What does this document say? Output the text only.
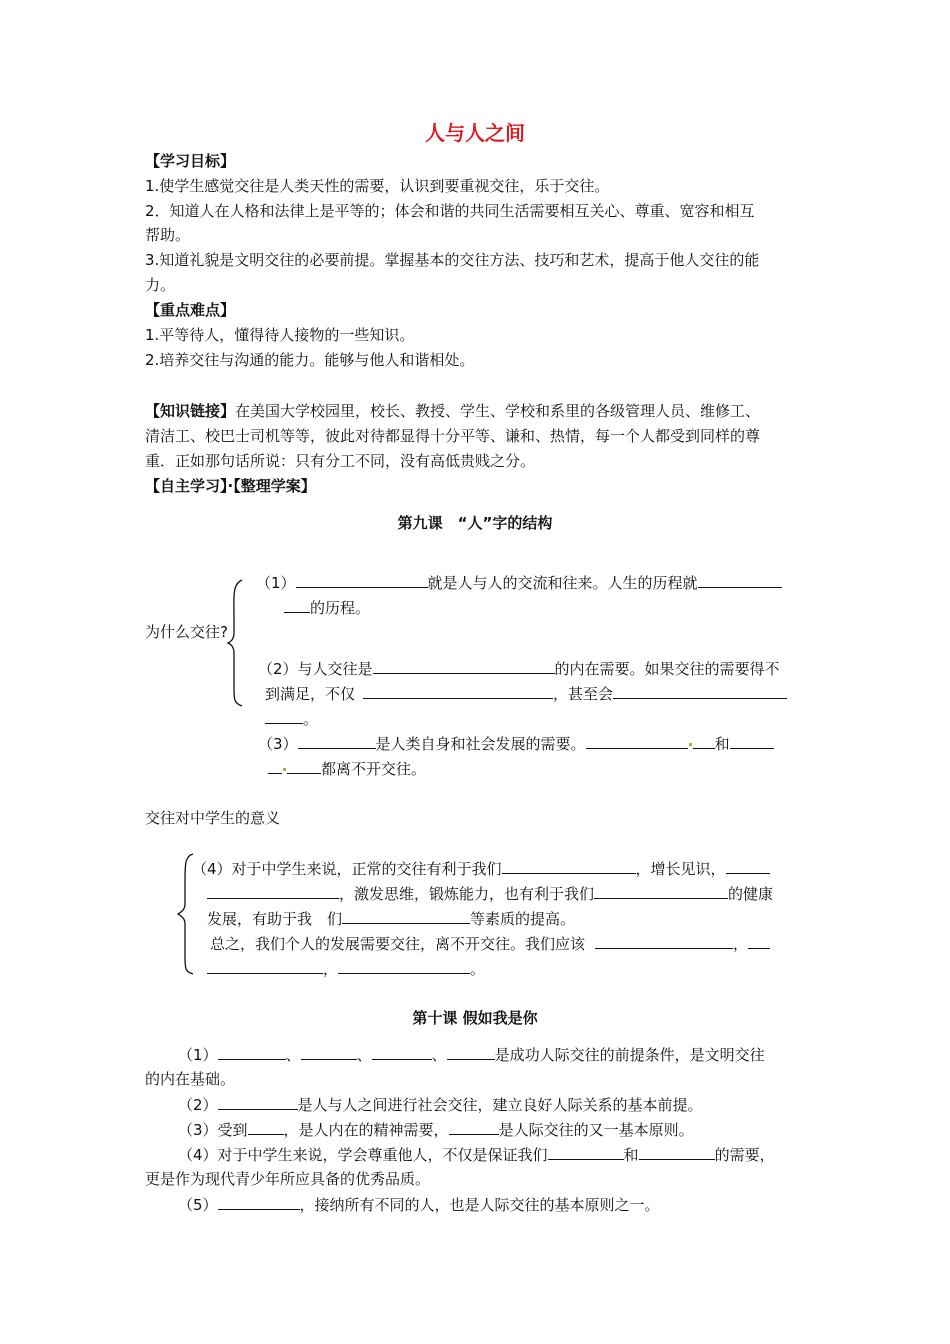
人与人之间
【学习目标】
1.使学生感觉交往是人类天性的需要，认识到要重视交往，乐于交往。
2．知道人在人格和法律上是平等的；体会和谐的共同生活需要相互关心、尊重、宽容和相互
帮助。
3.知道礼貌是文明交往的必要前提。掌握基本的交往方法、技巧和艺术，提高于他人交往的能
力。
【重点难点】
1.平等待人，懂得待人接物的一些知识。
2.培养交往与沟通的能力。能够与他人和谐相处。
【知识链接】在美国大学校园里，校长、教授、学生、学校和系里的各级管理人员、维修工、
清洁工、校巴士司机等等，彼此对待都显得十分平等、谦和、热情，每一个人都受到同样的尊
重．正如那句话所说：只有分工不同，没有高低贵贱之分。
【自主学习】·【整理学案】
第九课　“人”字的结构
（1）	就是人与人的交流和往来。人生的历程就
的历程。
为什么交往?
（2）与人交往是	的内在需要。如果交往的需要得不
到满足，不仅	，甚至会
。
（3）	是人类自身和社会发展的需要。	和
都离不开交往。
交往对中学生的意义
（4）对于中学生来说，正常的交往有利于我们	，增长见识，
，激发思维，锻炼能力，也有利于我们	的健康
发展，有助于我　们	等素质的提高。
总之，我们个人的发展需要交往，离不开交往。我们应该	，
，	。
第十课 假如我是你
（1）	、	、	、	是成功人际交往的前提条件，是文明交往
的内在基础。
（2）	是人与人之间进行社会交往，建立良好人际关系的基本前提。
（3）受到 ，是人内在的精神需要，	是人际交往的又一基本原则。
（4）对于中学生来说，学会尊重他人，不仅是保证我们	和	的需要，
更是作为现代青少年所应具备的优秀品质。
（5）	，接纳所有不同的人，也是人际交往的基本原则之一。
